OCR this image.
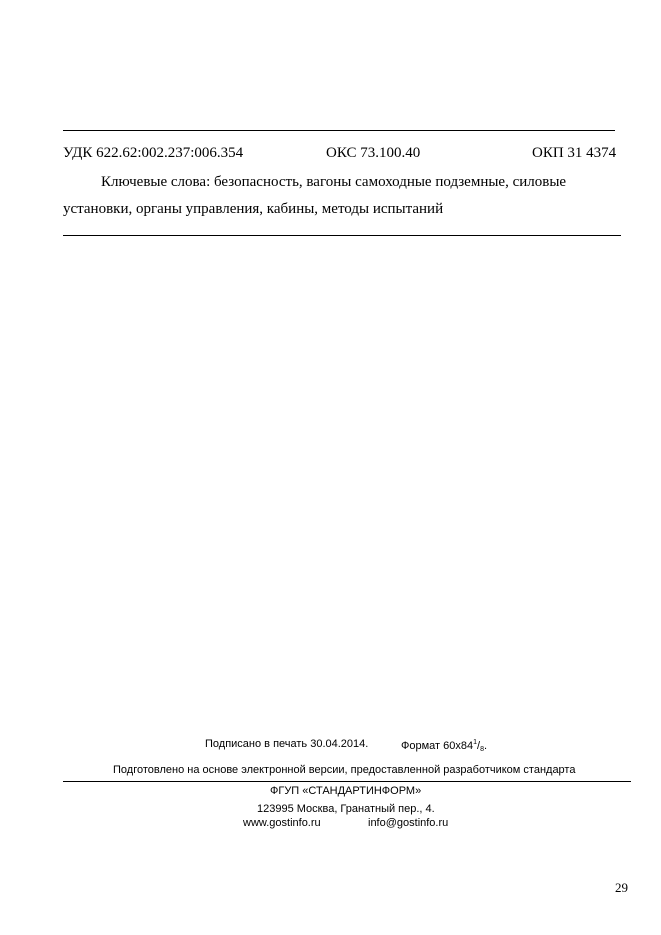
УДК 622.62:002.237:006.354	ОКС 73.100.40	ОКП 31 4374
Ключевые слова: безопасность, вагоны самоходные подземные, силовые
установки, органы управления, кабины, методы испытаний
Подписано в печать 30.04.2014.	Формат $60x84^1/_8$.
Подготовлено на основе электронной версии, предоставленной разработчиком стандарта
ФГУП «СТАНДАРТИНФОРМ»
123995 Москва, Гранатный пер., 4.
www.gostinfo.ru	info@gostinfo.ru
29
